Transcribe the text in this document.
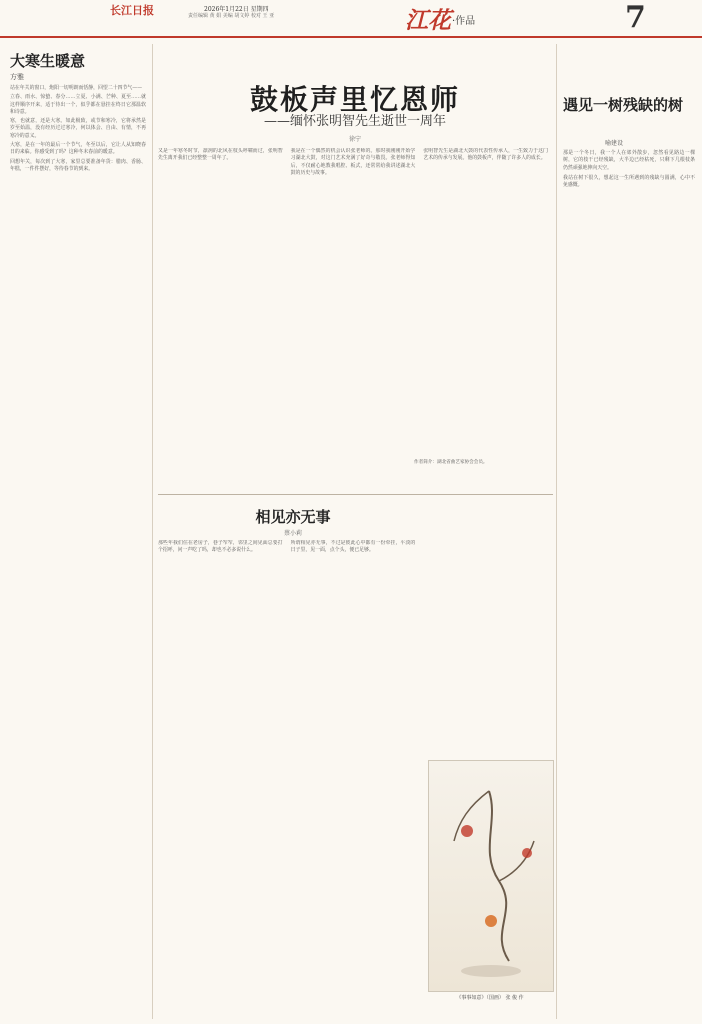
长江日报	2026年1月22日 星期四
责任编辑 黄 娟 美编 胡文婷 校对 王 亚	江花 ·作品	7
大寒生暖意
方雅

站在年关的窗口，炮阳一切明朗而恬静，回望二十四节气——

立春、雨水、惊蛰、春分……立夏、小满、芒种、夏至……就这样顺序开来，适于待出一个，似乎都在悬挂在终日它那温软和诗意。

寒，也就意，还是大寒。如此极致，或节和寒冷，它将承然是岁至始温，没有经历过过寒冷，何以体会、自由、有情，不再寒冷的意义。

大寒，是在一年的最后一个节气，冬至以后，它让人从知晓春日的来临。你感受到了吗？这种冬末春前的暖意。

回想年关，每次到了大寒，家里总要准备年货：腊肉、香肠、年糕，一件件摆好，等待春节的到来。

鼓板声里忆恩师
——缅怀张明智先生逝世一周年
徐宁

又是一年寒冬时节，凛冽的北风在枝头呼啸而过，张明智先生离开我们已经整整一周年了。

我是在一个偶然的机会认识张老师的。那时我刚刚开始学习湖北大鼓，对这门艺术充满了好奇与敬畏。张老师得知后，不仅耐心地教我唱腔、板式，还常常给我讲述湖北大鼓的历史与故事。

张明智先生是湖北大鼓的代表性传承人，一生致力于这门艺术的传承与发展。他的鼓板声，伴随了许多人的成长。

作者简介：湖北省曲艺家协会会员。
相见亦无事
蔡小莉

那些年我们住在老房子，巷子窄窄，邻里之间见面总要打个招呼，问一声吃了吗，却也不必多说什么。

所谓相见亦无事，不过是彼此心中都有一份牵挂，平淡的日子里，见一面，点个头，便已足够。

《事事如意》（国画） 张 俊 作
遇见一树残缺的树
喻建设

那是一个冬日，我一个人在郊外散步，忽然看见路边一棵树，它的枝干已经残缺，大半边已经枯死，只剩下几根枝条仍然顽强地伸向天空。

我站在树下很久，想起这一生所遇到的残缺与圆满，心中不免感慨。
